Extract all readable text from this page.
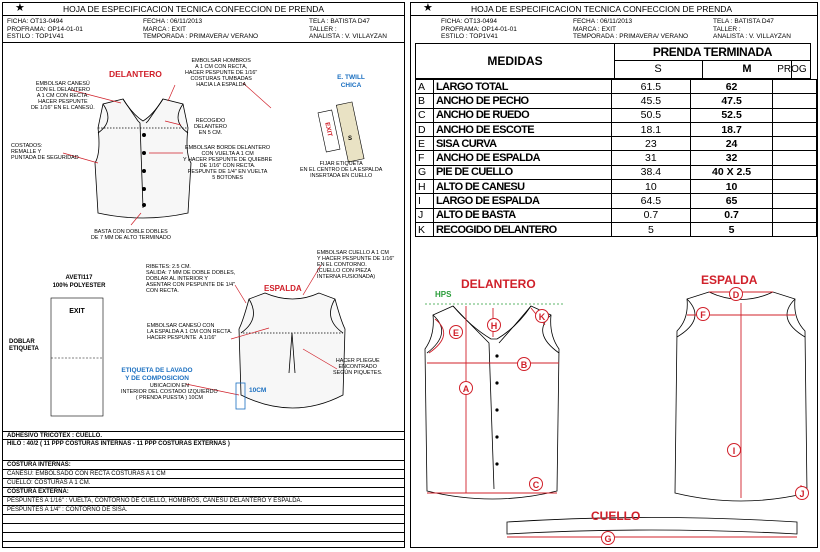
★	HOJA DE ESPECIFICACION TECNICA CONFECCION DE PRENDA
FICHA: OT13-0494
PROFRAMA: OP14-01-01
ESTILO : TOP1V41
FECHA : 06/11/2013
MARCA : EXIT
TEMPORADA : PRIMAVERA/ VERANO
TELA : BATISTA D47
TALLER :
ANALISTA : V. VILLAYZAN
DELANTERO
ESPALDA
E. TWILL CHICA
EXIT
S
EMBOLSAR CANESÚ
CON EL DELANTERO
A 1 CM CON RECTA.
HACER PESPUNTE
DE 1/16" EN EL CANESÚ.
EMBOLSAR HOMBROS
A 1 CM CON RECTA,
HACER PESPUNTE DE 1/16"
COSTURAS TUMBADAS
HACIA LA ESPALDA
RECOGIDO
DELANTERO
EN 5 CM.
COSTADOS:
REMALLE Y
PUNTADA DE SEGURIDAD
EMBOLSAR BORDE DELANTERO
CON VUELTA A 1 CM
Y HACER PESPUNTE DE QUIEBRE
DE 1/16" CON RECTA.
PESPUNTE DE 1/4" EN VUELTA
5 BOTONES
FIJAR ETIQUETA
EN EL CENTRO DE LA ESPALDA
INSERTADA EN CUELLO
BASTA CON DOBLE DOBLES
DE 7 MM DE ALTO TERMINADO
EMBOLSAR CUELLO A 1 CM
Y HACER PESPUNTE DE 1/16"
EN EL CONTORNO.
(CUELLO CON PIEZA
INTERNA FUSIONADA)
RIBETES: 2.5 CM.
SALIDA: 7 MM DE DOBLE DOBLES,
DOBLAR AL INTERIOR Y
ASENTAR CON PESPUNTE DE 1/4"
CON RECTA.
EMBOLSAR CANESÚ CON
LA ESPALDA A 1 CM CON RECTA.
HACER PESPUNTE  A 1/16"
HACER PLIEGUE
ENCONTRADO
SEGÚN PIQUETES.
ETIQUETA DE LAVADO
Y DE COMPOSICION
UBICACION EN
INTERIOR DEL COSTADO IZQUIERDO
( PRENDA PUESTA ) 10CM
10CM
AVETI117
100% POLYESTER
EXIT
DOBLAR
ETIQUETA
ADHESIVO TRICOTEX : CUELLO.
HILO : 40/2 ( 11 PPP COSTURAS INTERNAS - 11 PPP COSTURAS EXTERNAS )
COSTURA INTERNAS:
CANESÚ: EMBOLSADO CON RECTA COSTURAS A 1 CM
CUELLO: COSTURAS A 1 CM.
COSTURA EXTERNA:
PESPUNTES A 1/16" : VUELTA, CONTORNO DE CUELLO, HOMBROS, CANESÚ DELANTERO Y ESPALDA.
PESPUNTES A 1/4" : CONTORNO DE SISA.
★	HOJA DE ESPECIFICACION TECNICA CONFECCION DE PRENDA
FICHA: OT13-0494
PROFRAMA: OP14-01-01
ESTILO : TOP1V41
FECHA : 06/11/2013
MARCA : EXIT
TEMPORADA : PRIMAVERA/ VERANO
TELA : BATISTA D47
TALLER :
ANALISTA : V. VILLAYZAN
MEDIDAS
PRENDA TERMINADA
S	M	PROG
A	LARGO TOTAL	61.5	62	
B	ANCHO DE PECHO	45.5	47.5	
C	ANCHO DE RUEDO	50.5	52.5	
D	ANCHO DE ESCOTE	18.1	18.7	
E	SISA CURVA	23	24	
F	ANCHO DE ESPALDA	31	32	
G	PIE DE CUELLO	38.4	40 X 2.5	
H	ALTO DE CANESU	10	10	
I	LARGO DE ESPALDA	64.5	65	
J	ALTO DE BASTA	0.7	0.7	
K	RECOGIDO DELANTERO	5	5	
DELANTERO	ESPALDA
CUELLO
HPS
A
B
C
D
E
F
G
H
I
J
K
